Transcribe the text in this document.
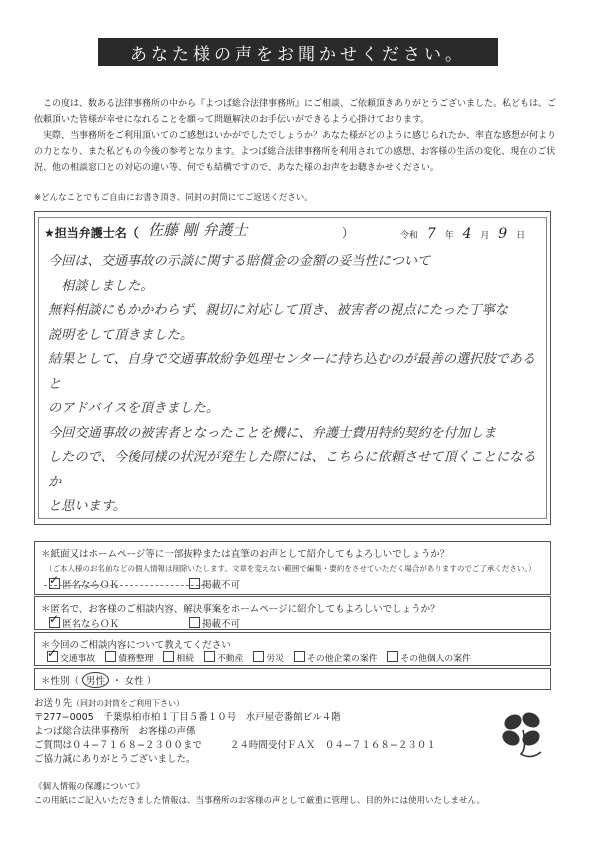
あなた様の声をお聞かせください。

この度は、数ある法律事務所の中から『よつば総合法律事務所』にご相談、ご依頼頂きありがとうございました。私どもは、ご依頼頂いた皆様が幸せになれることを願って問題解決のお手伝いができるよう心掛けております。

実際、当事務所をご利用頂いてのご感想はいかがでしたでしょうか？あなた様がどのように感じられたか、率直な感想が何よりの力となり、また私どもの今後の参考となります。よつば総合法律事務所を利用されての感想、お客様の生活の変化、現在のご状況、他の相談窓口との対応の違い等、何でも結構ですので、あなた様のお声をお聴きかせください。

※どんなことでもご自由にお書き頂き、同封の封筒にてご返送ください。
★担当弁護士名（ 佐藤 剛 弁護士	）	令和 7 年 4 月 9 日
今回は、交通事故の示談に関する賠償金の金額の妥当性について
　相談しました。
無料相談にもかかわらず、親切に対応して頂き、被害者の視点にたった丁寧な
説明をして頂きました。
結果として、自身で交通事故紛争処理センターに持ち込むのが最善の選択肢であると
のアドバイスを頂きました。
今回交通事故の被害者となったことを機に、弁護士費用特約契約を付加しま
したので、今後同様の状況が発生した際には、こちらに依頼させて頂くことになるか
と思います。
＊紙面又はホームページ等に一部抜粋または直筆のお声として紹介してもよろしいでしょうか？
（ご本人様のお名前などの個人情報は削除いたします。文章を変えない範囲で編集・要約をさせていただく場合がありますのでご了承ください。）
✓匿名ならＯＫ	掲載不可
＊匿名で、お客様のご相談内容、解決事案をホームページに紹介してもよろしいでしょうか？
✓匿名ならＯＫ	掲載不可
＊今回のご相談内容について教えてください
✓交通事故	債務整理	相続	不動産	労災	その他企業の案件	その他個人の案件
＊性別（ 男性 ・ 女性 ）
お送り先（同封の封筒をご利用下さい）
〒277−0005　千葉県柏市柏１丁目５番１０号　水戸屋壱番館ビル４階
よつば総合法律事務所　お客様の声係
ご質問は０４−７１６８−２３００まで	２４時間受付ＦＡＸ　０４−７１６８−２３０１
ご協力誠にありがとうございました。
《個人情報の保護について》
この用紙にご記入いただきました情報は、当事務所のお客様の声として厳重に管理し、目的外には使用いたしません。
